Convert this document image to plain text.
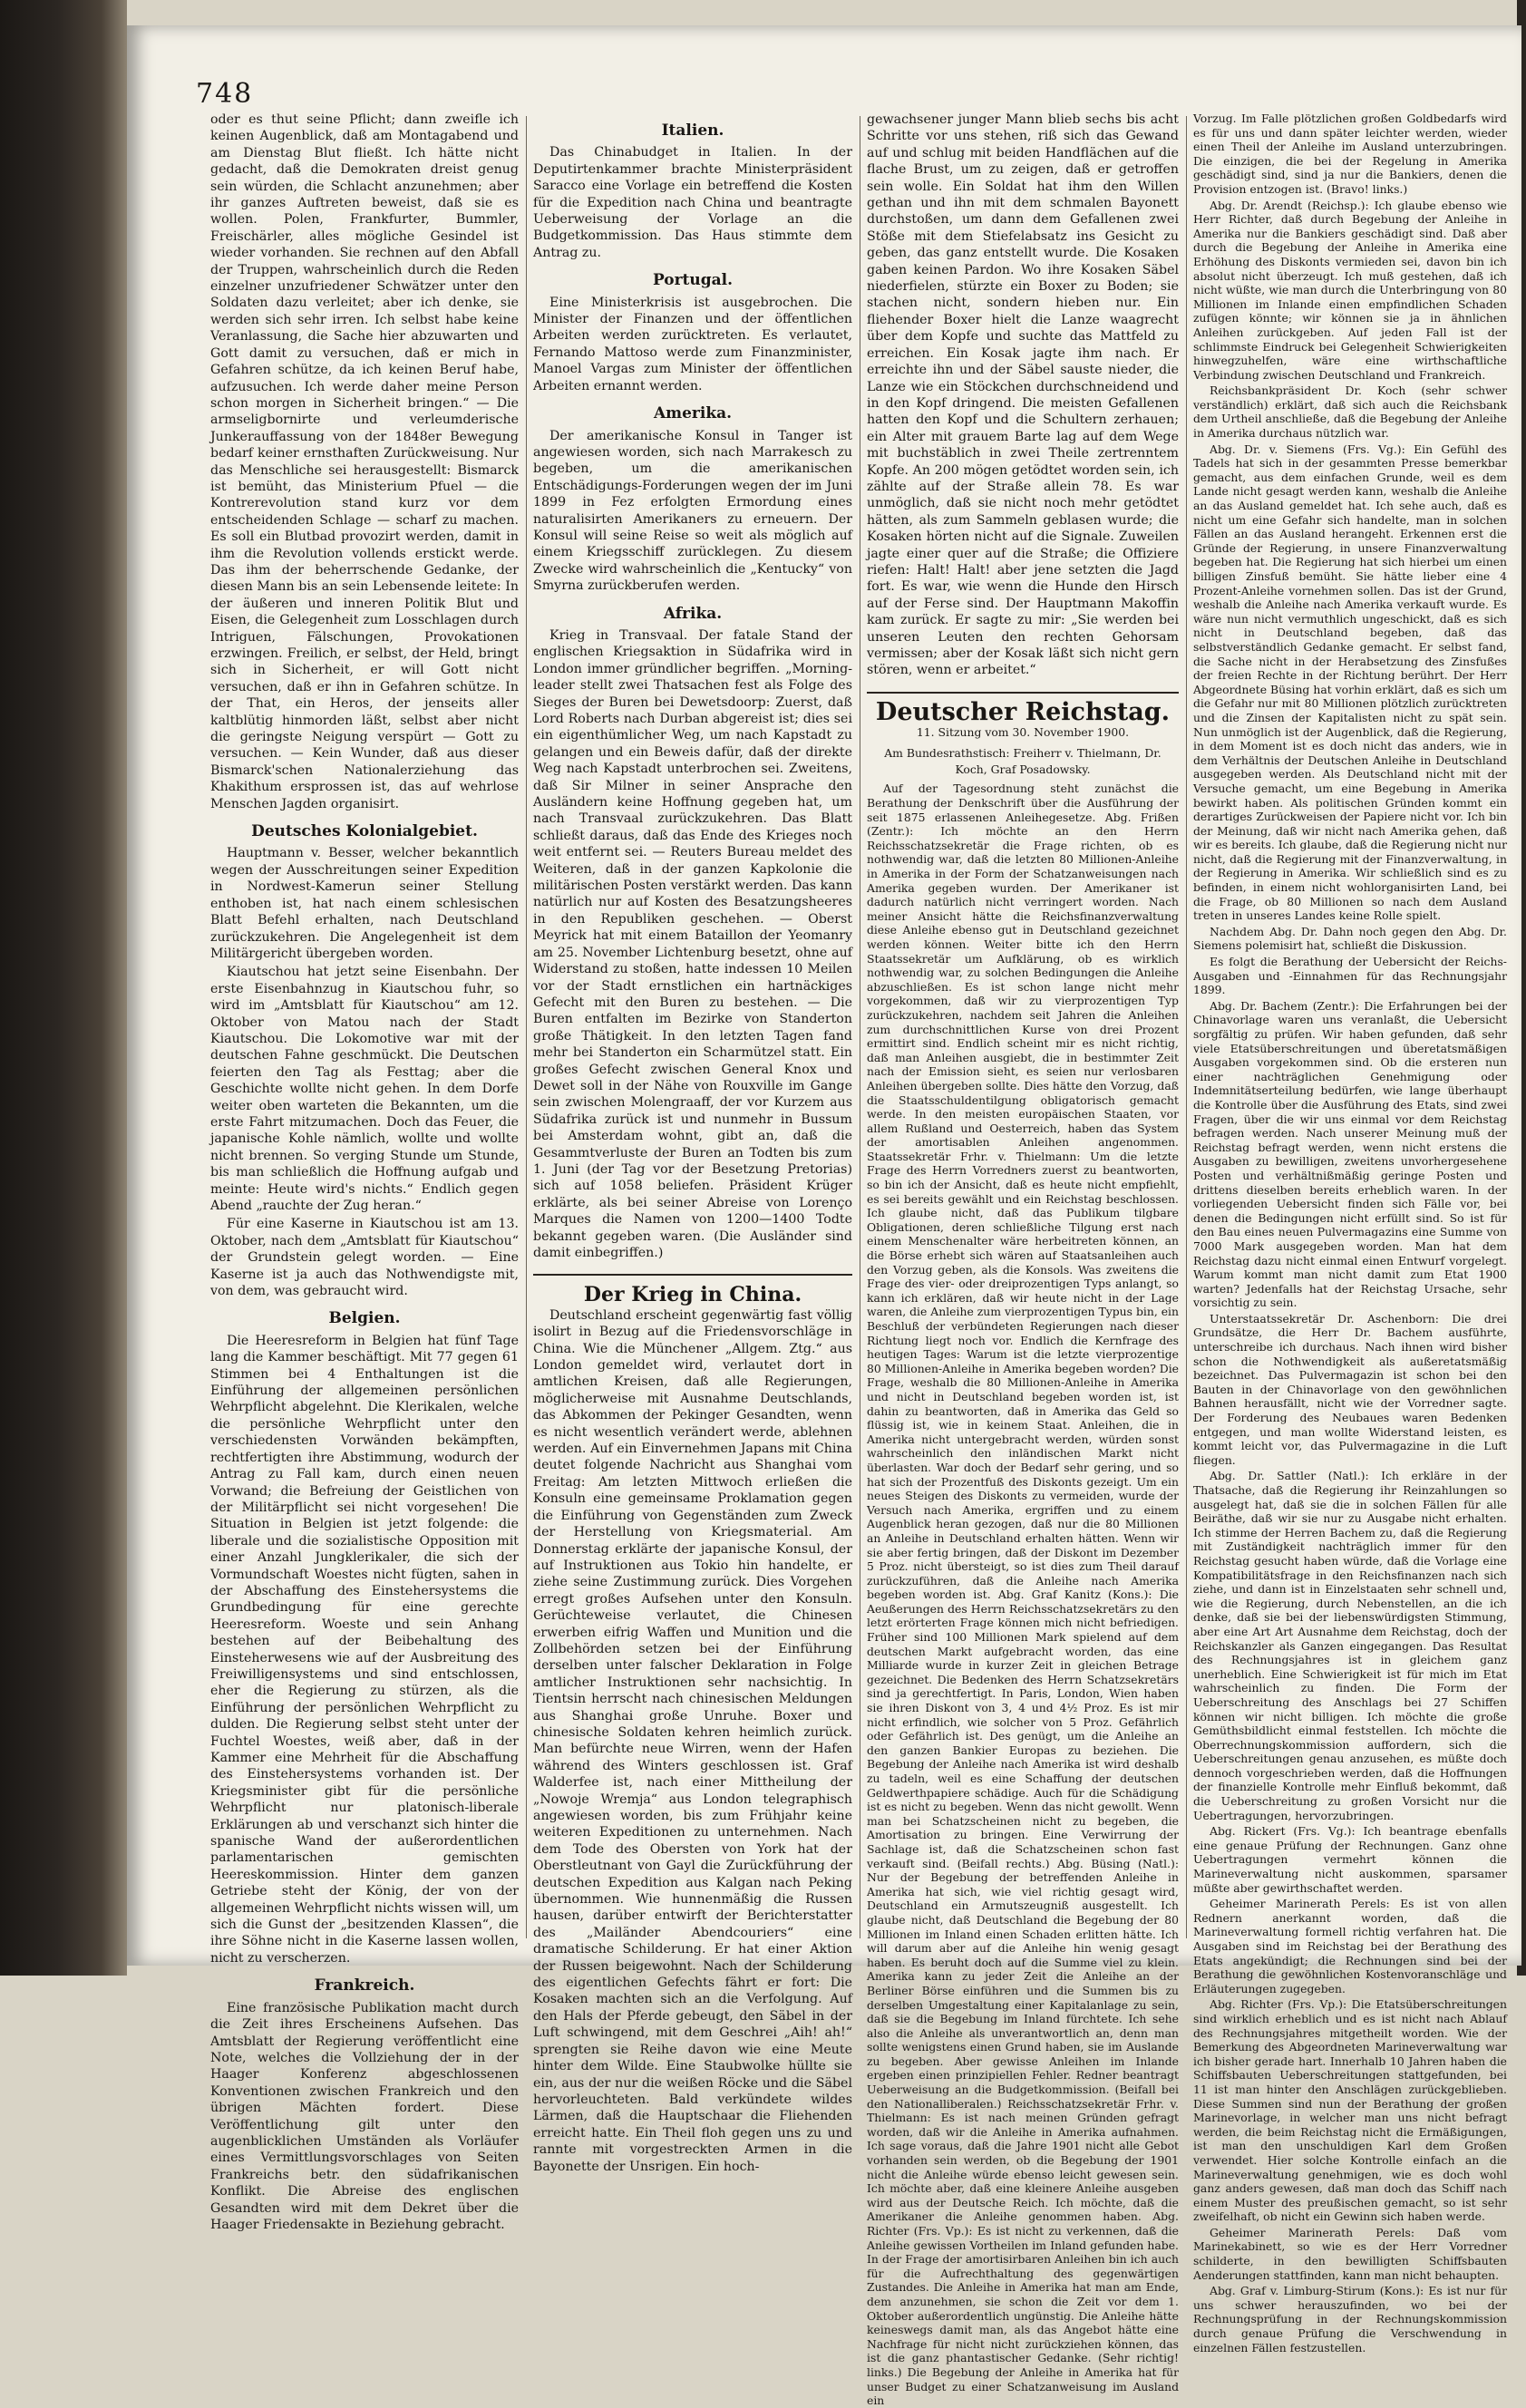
748

oder es thut seine Pflicht; dann zweifle ich keinen Augenblick, daß am Montagabend und am Dienstag Blut fließt. Ich hätte nicht gedacht, daß die Demokraten dreist genug sein würden, die Schlacht anzunehmen; aber ihr ganzes Auftreten beweist, daß sie es wollen. Polen, Frankfurter, Bummler, Freischärler, alles mögliche Gesindel ist wieder vorhanden. Sie rechnen auf den Abfall der Truppen, wahrscheinlich durch die Reden einzelner unzufriedener Schwätzer unter den Soldaten dazu verleitet; aber ich denke, sie werden sich sehr irren. Ich selbst habe keine Veranlassung, die Sache hier abzuwarten und Gott damit zu versuchen, daß er mich in Gefahren schütze, da ich keinen Beruf habe, aufzusuchen. Ich werde daher meine Person schon morgen in Sicherheit bringen.“ — Die armseligbornirte und verleumderische Junkerauffassung von der 1848er Bewegung bedarf keiner ernsthaften Zurückweisung. Nur das Menschliche sei herausgestellt: Bismarck ist bemüht, das Ministerium Pfuel — die Kontrerevolution stand kurz vor dem entscheidenden Schlage — scharf zu machen. Es soll ein Blutbad provozirt werden, damit in ihm die Revolution vollends erstickt werde. Das ihm der beherrschende Gedanke, der diesen Mann bis an sein Lebensende leitete: In der äußeren und inneren Politik Blut und Eisen, die Gelegenheit zum Losschlagen durch Intriguen, Fälschungen, Provokationen erzwingen. Freilich, er selbst, der Held, bringt sich in Sicherheit, er will Gott nicht versuchen, daß er ihn in Gefahren schütze. In der That, ein Heros, der jenseits aller kaltblütig hinmorden läßt, selbst aber nicht die geringste Neigung verspürt — Gott zu versuchen. — Kein Wunder, daß aus dieser Bismarck'schen Nationalerziehung das Khakithum ersprossen ist, das auf wehrlose Menschen Jagden organisirt.

Deutsches Kolonialgebiet.

Hauptmann v. Besser, welcher bekanntlich wegen der Ausschreitungen seiner Expedition in Nordwest-Kamerun seiner Stellung enthoben ist, hat nach einem schlesischen Blatt Befehl erhalten, nach Deutschland zurückzukehren. Die Angelegenheit ist dem Militärgericht übergeben worden.

Kiautschou hat jetzt seine Eisenbahn. Der erste Eisenbahnzug in Kiautschou fuhr, so wird im „Amtsblatt für Kiautschou“ am 12. Oktober von Matou nach der Stadt Kiautschou. Die Lokomotive war mit der deutschen Fahne geschmückt. Die Deutschen feierten den Tag als Festtag; aber die Geschichte wollte nicht gehen. In dem Dorfe weiter oben warteten die Bekannten, um die erste Fahrt mitzumachen. Doch das Feuer, die japanische Kohle nämlich, wollte und wollte nicht brennen. So verging Stunde um Stunde, bis man schließlich die Hoffnung aufgab und meinte: Heute wird's nichts.“ Endlich gegen Abend „rauchte der Zug heran.“

Für eine Kaserne in Kiautschou ist am 13. Oktober, nach dem „Amtsblatt für Kiautschou“ der Grundstein gelegt worden. — Eine Kaserne ist ja auch das Nothwendigste mit, von dem, was gebraucht wird.

Belgien.

Die Heeresreform in Belgien hat fünf Tage lang die Kammer beschäftigt. Mit 77 gegen 61 Stimmen bei 4 Enthaltungen ist die Einführung der allgemeinen persönlichen Wehrpflicht abgelehnt. Die Klerikalen, welche die persönliche Wehrpflicht unter den verschiedensten Vorwänden bekämpften, rechtfertigten ihre Abstimmung, wodurch der Antrag zu Fall kam, durch einen neuen Vorwand; die Befreiung der Geistlichen von der Militärpflicht sei nicht vorgesehen! Die Situation in Belgien ist jetzt folgende: die liberale und die sozialistische Opposition mit einer Anzahl Jungklerikaler, die sich der Vormundschaft Woestes nicht fügten, sahen in der Abschaffung des Einstehersystems die Grundbedingung für eine gerechte Heeresreform. Woeste und sein Anhang bestehen auf der Beibehaltung des Einsteherwesens wie auf der Ausbreitung des Freiwilligensystems und sind entschlossen, eher die Regierung zu stürzen, als die Einführung der persönlichen Wehrpflicht zu dulden. Die Regierung selbst steht unter der Fuchtel Woestes, weiß aber, daß in der Kammer eine Mehrheit für die Abschaffung des Einstehersystems vorhanden ist. Der Kriegsminister gibt für die persönliche Wehrpflicht nur platonisch-liberale Erklärungen ab und verschanzt sich hinter die spanische Wand der außerordentlichen parlamentarischen gemischten Heereskommission. Hinter dem ganzen Getriebe steht der König, der von der allgemeinen Wehrpflicht nichts wissen will, um sich die Gunst der „besitzenden Klassen“, die ihre Söhne nicht in die Kaserne lassen wollen, nicht zu verscherzen.

Frankreich.

Eine französische Publikation macht durch die Zeit ihres Erscheinens Aufsehen. Das Amtsblatt der Regierung veröffentlicht eine Note, welches die Vollziehung der in der Haager Konferenz abgeschlossenen Konventionen zwischen Frankreich und den übrigen Mächten fordert. Diese Veröffentlichung gilt unter den augenblicklichen Umständen als Vorläufer eines Vermittlungsvorschlages von Seiten Frankreichs betr. den südafrikanischen Konflikt. Die Abreise des englischen Gesandten wird mit dem Dekret über die Haager Friedensakte in Beziehung gebracht.

Italien.

Das Chinabudget in Italien. In der Deputirtenkammer brachte Ministerpräsident Saracco eine Vorlage ein betreffend die Kosten für die Expedition nach China und beantragte Ueberweisung der Vorlage an die Budgetkommission. Das Haus stimmte dem Antrag zu.

Portugal.

Eine Ministerkrisis ist ausgebrochen. Die Minister der Finanzen und der öffentlichen Arbeiten werden zurücktreten. Es verlautet, Fernando Mattoso werde zum Finanzminister, Manoel Vargas zum Minister der öffentlichen Arbeiten ernannt werden.

Amerika.

Der amerikanische Konsul in Tanger ist angewiesen worden, sich nach Marrakesch zu begeben, um die amerikanischen Entschädigungs-Forderungen wegen der im Juni 1899 in Fez erfolgten Ermordung eines naturalisirten Amerikaners zu erneuern. Der Konsul will seine Reise so weit als möglich auf einem Kriegsschiff zurücklegen. Zu diesem Zwecke wird wahrscheinlich die „Kentucky“ von Smyrna zurückberufen werden.

Afrika.

Krieg in Transvaal. Der fatale Stand der englischen Kriegsaktion in Südafrika wird in London immer gründlicher begriffen. „Morning-leader stellt zwei Thatsachen fest als Folge des Sieges der Buren bei Dewetsdoorp: Zuerst, daß Lord Roberts nach Durban abgereist ist; dies sei ein eigenthümlicher Weg, um nach Kapstadt zu gelangen und ein Beweis dafür, daß der direkte Weg nach Kapstadt unterbrochen sei. Zweitens, daß Sir Milner in seiner Ansprache den Ausländern keine Hoffnung gegeben hat, um nach Transvaal zurückzukehren. Das Blatt schließt daraus, daß das Ende des Krieges noch weit entfernt sei. — Reuters Bureau meldet des Weiteren, daß in der ganzen Kapkolonie die militärischen Posten verstärkt werden. Das kann natürlich nur auf Kosten des Besatzungsheeres in den Republiken geschehen. — Oberst Meyrick hat mit einem Bataillon der Yeomanry am 25. November Lichtenburg besetzt, ohne auf Widerstand zu stoßen, hatte indessen 10 Meilen vor der Stadt ernstlichen ein hartnäckiges Gefecht mit den Buren zu bestehen. — Die Buren entfalten im Bezirke von Standerton große Thätigkeit. In den letzten Tagen fand mehr bei Standerton ein Scharmützel statt. Ein großes Gefecht zwischen General Knox und Dewet soll in der Nähe von Rouxville im Gange sein zwischen Molengraaff, der vor Kurzem aus Südafrika zurück ist und nunmehr in Bussum bei Amsterdam wohnt, gibt an, daß die Gesammtverluste der Buren an Todten bis zum 1. Juni (der Tag vor der Besetzung Pretorias) sich auf 1058 beliefen. Präsident Krüger erklärte, als bei seiner Abreise von Lorenço Marques die Namen von 1200—1400 Todte bekannt gegeben waren. (Die Ausländer sind damit einbegriffen.)

Der Krieg in China.

Deutschland erscheint gegenwärtig fast völlig isolirt in Bezug auf die Friedensvorschläge in China. Wie die Münchener „Allgem. Ztg.“ aus London gemeldet wird, verlautet dort in amtlichen Kreisen, daß alle Regierungen, möglicherweise mit Ausnahme Deutschlands, das Abkommen der Pekinger Gesandten, wenn es nicht wesentlich verändert werde, ablehnen werden. Auf ein Einvernehmen Japans mit China deutet folgende Nachricht aus Shanghai vom Freitag: Am letzten Mittwoch erließen die Konsuln eine gemeinsame Proklamation gegen die Einführung von Gegenständen zum Zweck der Herstellung von Kriegsmaterial. Am Donnerstag erklärte der japanische Konsul, der auf Instruktionen aus Tokio hin handelte, er ziehe seine Zustimmung zurück. Dies Vorgehen erregt großes Aufsehen unter den Konsuln. Gerüchteweise verlautet, die Chinesen erwerben eifrig Waffen und Munition und die Zollbehörden setzen bei der Einführung derselben unter falscher Deklaration in Folge amtlicher Instruktionen sehr nachsichtig. In Tientsin herrscht nach chinesischen Meldungen aus Shanghai große Unruhe. Boxer und chinesische Soldaten kehren heimlich zurück. Man befürchte neue Wirren, wenn der Hafen während des Winters geschlossen ist. Graf Walderfee ist, nach einer Mittheilung der „Nowoje Wremja“ aus London telegraphisch angewiesen worden, bis zum Frühjahr keine weiteren Expeditionen zu unternehmen. Nach dem Tode des Obersten von York hat der Oberstleutnant von Gayl die Zurückführung der deutschen Expedition aus Kalgan nach Peking übernommen. Wie hunnenmäßig die Russen hausen, darüber entwirft der Berichterstatter des „Mailänder Abendcouriers“ eine dramatische Schilderung. Er hat einer Aktion der Russen beigewohnt. Nach der Schilderung des eigentlichen Gefechts fährt er fort: Die Kosaken machten sich an die Verfolgung. Auf den Hals der Pferde gebeugt, den Säbel in der Luft schwingend, mit dem Geschrei „Aih! ah!“ sprengten sie Reihe davon wie eine Meute hinter dem Wilde. Eine Staubwolke hüllte sie ein, aus der nur die weißen Röcke und die Säbel hervorleuchteten. Bald verkündete wildes Lärmen, daß die Hauptschaar die Fliehenden erreicht hatte. Ein Theil floh gegen uns zu und rannte mit vorgestreckten Armen in die Bayonette der Unsrigen. Ein hoch-

gewachsener junger Mann blieb sechs bis acht Schritte vor uns stehen, riß sich das Gewand auf und schlug mit beiden Handflächen auf die flache Brust, um zu zeigen, daß er getroffen sein wolle. Ein Soldat hat ihm den Willen gethan und ihn mit dem schmalen Bayonett durchstoßen, um dann dem Gefallenen zwei Stöße mit dem Stiefelabsatz ins Gesicht zu geben, das ganz entstellt wurde. Die Kosaken gaben keinen Pardon. Wo ihre Kosaken Säbel niederfielen, stürzte ein Boxer zu Boden; sie stachen nicht, sondern hieben nur. Ein fliehender Boxer hielt die Lanze waagrecht über dem Kopfe und suchte das Mattfeld zu erreichen. Ein Kosak jagte ihm nach. Er erreichte ihn und der Säbel sauste nieder, die Lanze wie ein Stöckchen durchschneidend und in den Kopf dringend. Die meisten Gefallenen hatten den Kopf und die Schultern zerhauen; ein Alter mit grauem Barte lag auf dem Wege mit buchstäblich in zwei Theile zertrenntem Kopfe. An 200 mögen getödtet worden sein, ich zählte auf der Straße allein 78. Es war unmöglich, daß sie nicht noch mehr getödtet hätten, als zum Sammeln geblasen wurde; die Kosaken hörten nicht auf die Signale. Zuweilen jagte einer quer auf die Straße; die Offiziere riefen: Halt! Halt! aber jene setzten die Jagd fort. Es war, wie wenn die Hunde den Hirsch auf der Ferse sind. Der Hauptmann Makoffin kam zurück. Er sagte zu mir: „Sie werden bei unseren Leuten den rechten Gehorsam vermissen; aber der Kosak läßt sich nicht gern stören, wenn er arbeitet.“

Deutscher Reichstag.
11. Sitzung vom 30. November 1900.
Am Bundesrathstisch: Freiherr v. Thielmann, Dr. Koch, Graf Posadowsky.

Auf der Tagesordnung steht zunächst die Berathung der Denkschrift über die Ausführung der seit 1875 erlassenen Anleihegesetze. Abg. Frißen (Zentr.): Ich möchte an den Herrn Reichsschatzsekretär die Frage richten, ob es nothwendig war, daß die letzten 80 Millionen-Anleihe in Amerika in der Form der Schatzanweisungen nach Amerika gegeben wurden. Der Amerikaner ist dadurch natürlich nicht verringert worden. Nach meiner Ansicht hätte die Reichsfinanzverwaltung diese Anleihe ebenso gut in Deutschland gezeichnet werden können. Weiter bitte ich den Herrn Staatssekretär um Aufklärung, ob es wirklich nothwendig war, zu solchen Bedingungen die Anleihe abzuschließen. Es ist schon lange nicht mehr vorgekommen, daß wir zu vierprozentigen Typ zurückzukehren, nachdem seit Jahren die Anleihen zum durchschnittlichen Kurse von drei Prozent ermittirt sind. Endlich scheint mir es nicht richtig, daß man Anleihen ausgiebt, die in bestimmter Zeit nach der Emission sieht, es seien nur verlosbaren Anleihen übergeben sollte. Dies hätte den Vorzug, daß die Staatsschuldentilgung obligatorisch gemacht werde. In den meisten europäischen Staaten, vor allem Rußland und Oesterreich, haben das System der amortisablen Anleihen angenommen. Staatssekretär Frhr. v. Thielmann: Um die letzte Frage des Herrn Vorredners zuerst zu beantworten, so bin ich der Ansicht, daß es heute nicht empfiehlt, es sei bereits gewählt und ein Reichstag beschlossen. Ich glaube nicht, daß das Publikum tilgbare Obligationen, deren schließliche Tilgung erst nach einem Menschenalter wäre herbeitreten können, an die Börse erhebt sich wären auf Staatsanleihen auch den Vorzug geben, als die Konsols. Was zweitens die Frage des vier- oder dreiprozentigen Typs anlangt, so kann ich erklären, daß wir heute nicht in der Lage waren, die Anleihe zum vierprozentigen Typus bin, ein Beschluß der verbündeten Regierungen nach dieser Richtung liegt noch vor. Endlich die Kernfrage des heutigen Tages: Warum ist die letzte vierprozentige 80 Millionen-Anleihe in Amerika begeben worden? Die Frage, weshalb die 80 Millionen-Anleihe in Amerika und nicht in Deutschland begeben worden ist, ist dahin zu beantworten, daß in Amerika das Geld so flüssig ist, wie in keinem Staat. Anleihen, die in Amerika nicht untergebracht werden, würden sonst wahrscheinlich den inländischen Markt nicht überlasten. War doch der Bedarf sehr gering, und so hat sich der Prozentfuß des Diskonts gezeigt. Um ein neues Steigen des Diskonts zu vermeiden, wurde der Versuch nach Amerika, ergriffen und zu einem Augenblick heran gezogen, daß nur die 80 Millionen an Anleihe in Deutschland erhalten hätten. Wenn wir sie aber fertig bringen, daß der Diskont im Dezember 5 Proz. nicht übersteigt, so ist dies zum Theil darauf zurückzuführen, daß die Anleihe nach Amerika begeben worden ist. Abg. Graf Kanitz (Kons.): Die Aeußerungen des Herrn Reichsschatzsekretärs zu den letzt erörterten Frage können mich nicht befriedigen. Früher sind 100 Millionen Mark spielend auf dem deutschen Markt aufgebracht worden, das eine Milliarde wurde in kurzer Zeit in gleichen Betrage gezeichnet. Die Bedenken des Herrn Schatzsekretärs sind ja gerechtfertigt. In Paris, London, Wien haben sie ihren Diskont von 3, 4 und 4½ Proz. Es ist mir nicht erfindlich, wie solcher von 5 Proz. Gefährlich oder Gefährlich ist. Des genügt, um die Anleihe an den ganzen Bankier Europas zu beziehen. Die Begebung der Anleihe nach Amerika ist wird deshalb zu tadeln, weil es eine Schaffung der deutschen Geldwerthpapiere schädige. Auch für die Schädigung ist es nicht zu begeben. Wenn das nicht gewollt. Wenn man bei Schatzscheinen nicht zu begeben, die Amortisation zu bringen. Eine Verwirrung der Sachlage ist, daß die Schatzscheinen schon fast verkauft sind. (Beifall rechts.) Abg. Büsing (Natl.): Nur der Begebung der betreffenden Anleihe in Amerika hat sich, wie viel richtig gesagt wird, Deutschland ein Armutszeugniß ausgestellt. Ich glaube nicht, daß Deutschland die Begebung der 80 Millionen im Inland einen Schaden erlitten hätte. Ich will darum aber auf die Anleihe hin wenig gesagt haben. Es beruht doch auf die Summe viel zu klein. Amerika kann zu jeder Zeit die Anleihe an der Berliner Börse einführen und die Summen bis zu derselben Umgestaltung einer Kapitalanlage zu sein, daß sie die Begebung im Inland fürchtete. Ich sehe also die Anleihe als unverantwortlich an, denn man sollte wenigstens einen Grund haben, sie im Auslande zu begeben. Aber gewisse Anleihen im Inlande ergeben einen prinzipiellen Fehler. Redner beantragt Ueberweisung an die Budgetkommission. (Beifall bei den Nationalliberalen.) Reichsschatzsekretär Frhr. v. Thielmann: Es ist nach meinen Gründen gefragt worden, daß wir die Anleihe in Amerika aufnahmen. Ich sage voraus, daß die Jahre 1901 nicht alle Gebot vorhanden sein werden, ob die Begebung der 1901 nicht die Anleihe würde ebenso leicht gewesen sein. Ich möchte aber, daß eine kleinere Anleihe ausgeben wird aus der Deutsche Reich. Ich möchte, daß die Amerikaner die Anleihe genommen haben. Abg. Richter (Frs. Vp.): Es ist nicht zu verkennen, daß die Anleihe gewissen Vortheilen im Inland gefunden habe. In der Frage der amortisirbaren Anleihen bin ich auch für die Aufrechthaltung des gegenwärtigen Zustandes. Die Anleihe in Amerika hat man am Ende, dem anzunehmen, sie schon die Zeit vor dem 1. Oktober außerordentlich ungünstig. Die Anleihe hätte keineswegs damit man, als das Angebot hätte eine Nachfrage für nicht nicht zurückziehen können, das ist die ganz phantastischer Gedanke. (Sehr richtig! links.) Die Begebung der Anleihe in Amerika hat für unser Budget zu einer Schatzanweisung im Ausland ein

Vorzug. Im Falle plötzlichen großen Goldbedarfs wird es für uns und dann später leichter werden, wieder einen Theil der Anleihe im Ausland unterzubringen. Die einzigen, die bei der Regelung in Amerika geschädigt sind, sind ja nur die Bankiers, denen die Provision entzogen ist. (Bravo! links.)

Abg. Dr. Arendt (Reichsp.): Ich glaube ebenso wie Herr Richter, daß durch Begebung der Anleihe in Amerika nur die Bankiers geschädigt sind. Daß aber durch die Begebung der Anleihe in Amerika eine Erhöhung des Diskonts vermieden sei, davon bin ich absolut nicht überzeugt. Ich muß gestehen, daß ich nicht wüßte, wie man durch die Unterbringung von 80 Millionen im Inlande einen empfindlichen Schaden zufügen könnte; wir können sie ja in ähnlichen Anleihen zurückgeben. Auf jeden Fall ist der schlimmste Eindruck bei Gelegenheit Schwierigkeiten hinwegzuhelfen, wäre eine wirthschaftliche Verbindung zwischen Deutschland und Frankreich.

Reichsbankpräsident Dr. Koch (sehr schwer verständlich) erklärt, daß sich auch die Reichsbank dem Urtheil anschließe, daß die Begebung der Anleihe in Amerika durchaus nützlich war.

Abg. Dr. v. Siemens (Frs. Vg.): Ein Gefühl des Tadels hat sich in der gesammten Presse bemerkbar gemacht, aus dem einfachen Grunde, weil es dem Lande nicht gesagt werden kann, weshalb die Anleihe an das Ausland gemeldet hat. Ich sehe auch, daß es nicht um eine Gefahr sich handelte, man in solchen Fällen an das Ausland herangeht. Erkennen erst die Gründe der Regierung, in unsere Finanzverwaltung begeben hat. Die Regierung hat sich hierbei um einen billigen Zinsfuß bemüht. Sie hätte lieber eine 4 Prozent-Anleihe vornehmen sollen. Das ist der Grund, weshalb die Anleihe nach Amerika verkauft wurde. Es wäre nun nicht vermuthlich ungeschickt, daß es sich nicht in Deutschland begeben, daß das selbstverständlich Gedanke gemacht. Er selbst fand, die Sache nicht in der Herabsetzung des Zinsfußes der freien Rechte in der Richtung berührt. Der Herr Abgeordnete Büsing hat vorhin erklärt, daß es sich um die Gefahr nur mit 80 Millionen plötzlich zurücktreten und die Zinsen der Kapitalisten nicht zu spät sein. Nun unmöglich ist der Augenblick, daß die Regierung, in dem Moment ist es doch nicht das anders, wie in dem Verhältnis der Deutschen Anleihe in Deutschland ausgegeben werden. Als Deutschland nicht mit der Versuche gemacht, um eine Begebung in Amerika bewirkt haben. Als politischen Gründen kommt ein derartiges Zurückweisen der Papiere nicht vor. Ich bin der Meinung, daß wir nicht nach Amerika gehen, daß wir es bereits. Ich glaube, daß die Regierung nicht nur nicht, daß die Regierung mit der Finanzverwaltung, in der Regierung in Amerika. Wir schließlich sind es zu befinden, in einem nicht wohlorganisirten Land, bei die Frage, ob 80 Millionen so nach dem Ausland treten in unseres Landes keine Rolle spielt.

Nachdem Abg. Dr. Dahn noch gegen den Abg. Dr. Siemens polemisirt hat, schließt die Diskussion.

Es folgt die Berathung der Uebersicht der Reichs-Ausgaben und -Einnahmen für das Rechnungsjahr 1899.

Abg. Dr. Bachem (Zentr.): Die Erfahrungen bei der Chinavorlage waren uns veranlaßt, die Uebersicht sorgfältig zu prüfen. Wir haben gefunden, daß sehr viele Etatsüberschreitungen und überetatsmäßigen Ausgaben vorgekommen sind. Ob die ersteren nun einer nachträglichen Genehmigung oder Indemnitätserteilung bedürfen, wie lange überhaupt die Kontrolle über die Ausführung des Etats, sind zwei Fragen, über die wir uns einmal vor dem Reichstag befragen werden. Nach unserer Meinung muß der Reichstag befragt werden, wenn nicht erstens die Ausgaben zu bewilligen, zweitens unvorhergesehene Posten und verhältnißmäßig geringe Posten und drittens dieselben bereits erheblich waren. In der vorliegenden Uebersicht finden sich Fälle vor, bei denen die Bedingungen nicht erfüllt sind. So ist für den Bau eines neuen Pulvermagazins eine Summe von 7000 Mark ausgegeben worden. Man hat dem Reichstag dazu nicht einmal einen Entwurf vorgelegt. Warum kommt man nicht damit zum Etat 1900 warten? Jedenfalls hat der Reichstag Ursache, sehr vorsichtig zu sein.

Unterstaatssekretär Dr. Aschenborn: Die drei Grundsätze, die Herr Dr. Bachem ausführte, unterschreibe ich durchaus. Nach ihnen wird bisher schon die Nothwendigkeit als außeretatsmäßig bezeichnet. Das Pulvermagazin ist schon bei den Bauten in der Chinavorlage von den gewöhnlichen Bahnen herausfällt, nicht wie der Vorredner sagte. Der Forderung des Neubaues waren Bedenken entgegen, und man wollte Widerstand leisten, es kommt leicht vor, das Pulvermagazine in die Luft fliegen.

Abg. Dr. Sattler (Natl.): Ich erkläre in der Thatsache, daß die Regierung ihr Reinzahlungen so ausgelegt hat, daß sie die in solchen Fällen für alle Beiräthe, daß wir sie nur zu Ausgabe nicht erhalten. Ich stimme der Herren Bachem zu, daß die Regierung mit Zuständigkeit nachträglich immer für den Reichstag gesucht haben würde, daß die Vorlage eine Kompatibilitätsfrage in den Reichsfinanzen nach sich ziehe, und dann ist in Einzelstaaten sehr schnell und, wie die Regierung, durch Nebenstellen, an die ich denke, daß sie bei der liebenswürdigsten Stimmung, aber eine Art Art Ausnahme dem Reichstag, doch der Reichskanzler als Ganzen eingegangen. Das Resultat des Rechnungsjahres ist in gleichem ganz unerheblich. Eine Schwierigkeit ist für mich im Etat wahrscheinlich zu finden. Die Form der Ueberschreitung des Anschlags bei 27 Schiffen können wir nicht billigen. Ich möchte die große Gemüthsbildlicht einmal feststellen. Ich möchte die Oberrechnungskommission auffordern, sich die Ueberschreitungen genau anzusehen, es müßte doch dennoch vorgeschrieben werden, daß die Hoffnungen der finanzielle Kontrolle mehr Einfluß bekommt, daß die Ueberschreitung zu großen Vorsicht nur die Uebertragungen, hervorzubringen.

Abg. Rickert (Frs. Vg.): Ich beantrage ebenfalls eine genaue Prüfung der Rechnungen. Ganz ohne Uebertragungen vermehrt können die Marineverwaltung nicht auskommen, sparsamer müßte aber gewirthschaftet werden.

Geheimer Marinerath Perels: Es ist von allen Rednern anerkannt worden, daß die Marineverwaltung formell richtig verfahren hat. Die Ausgaben sind im Reichstag bei der Berathung des Etats angekündigt; die Rechnungen sind bei der Berathung die gewöhnlichen Kostenvoranschläge und Erläuterungen zugegeben.

Abg. Richter (Frs. Vp.): Die Etatsüberschreitungen sind wirklich erheblich und es ist nicht nach Ablauf des Rechnungsjahres mitgetheilt worden. Wie der Bemerkung des Abgeordneten Marineverwaltung war ich bisher gerade hart. Innerhalb 10 Jahren haben die Schiffsbauten Ueberschreitungen stattgefunden, bei 11 ist man hinter den Anschlägen zurückgeblieben. Diese Summen sind nun der Berathung der großen Marinevorlage, in welcher man uns nicht befragt werden, die beim Reichstag nicht die Ermäßigungen, ist man den unschuldigen Karl dem Großen verwendet. Hier solche Kontrolle einfach an die Marineverwaltung genehmigen, wie es doch wohl ganz anders gewesen, daß man doch das Schiff nach einem Muster des preußischen gemacht, so ist sehr zweifelhaft, ob nicht ein Gewinn sich haben werde.

Geheimer Marinerath Perels: Daß vom Marinekabinett, so wie es der Herr Vorredner schilderte, in den bewilligten Schiffsbauten Aenderungen stattfinden, kann man nicht behaupten.

Abg. Graf v. Limburg-Stirum (Kons.): Es ist nur für uns schwer herauszufinden, wo bei der Rechnungsprüfung in der Rechnungskommission durch genaue Prüfung die Verschwendung in einzelnen Fällen festzustellen.
